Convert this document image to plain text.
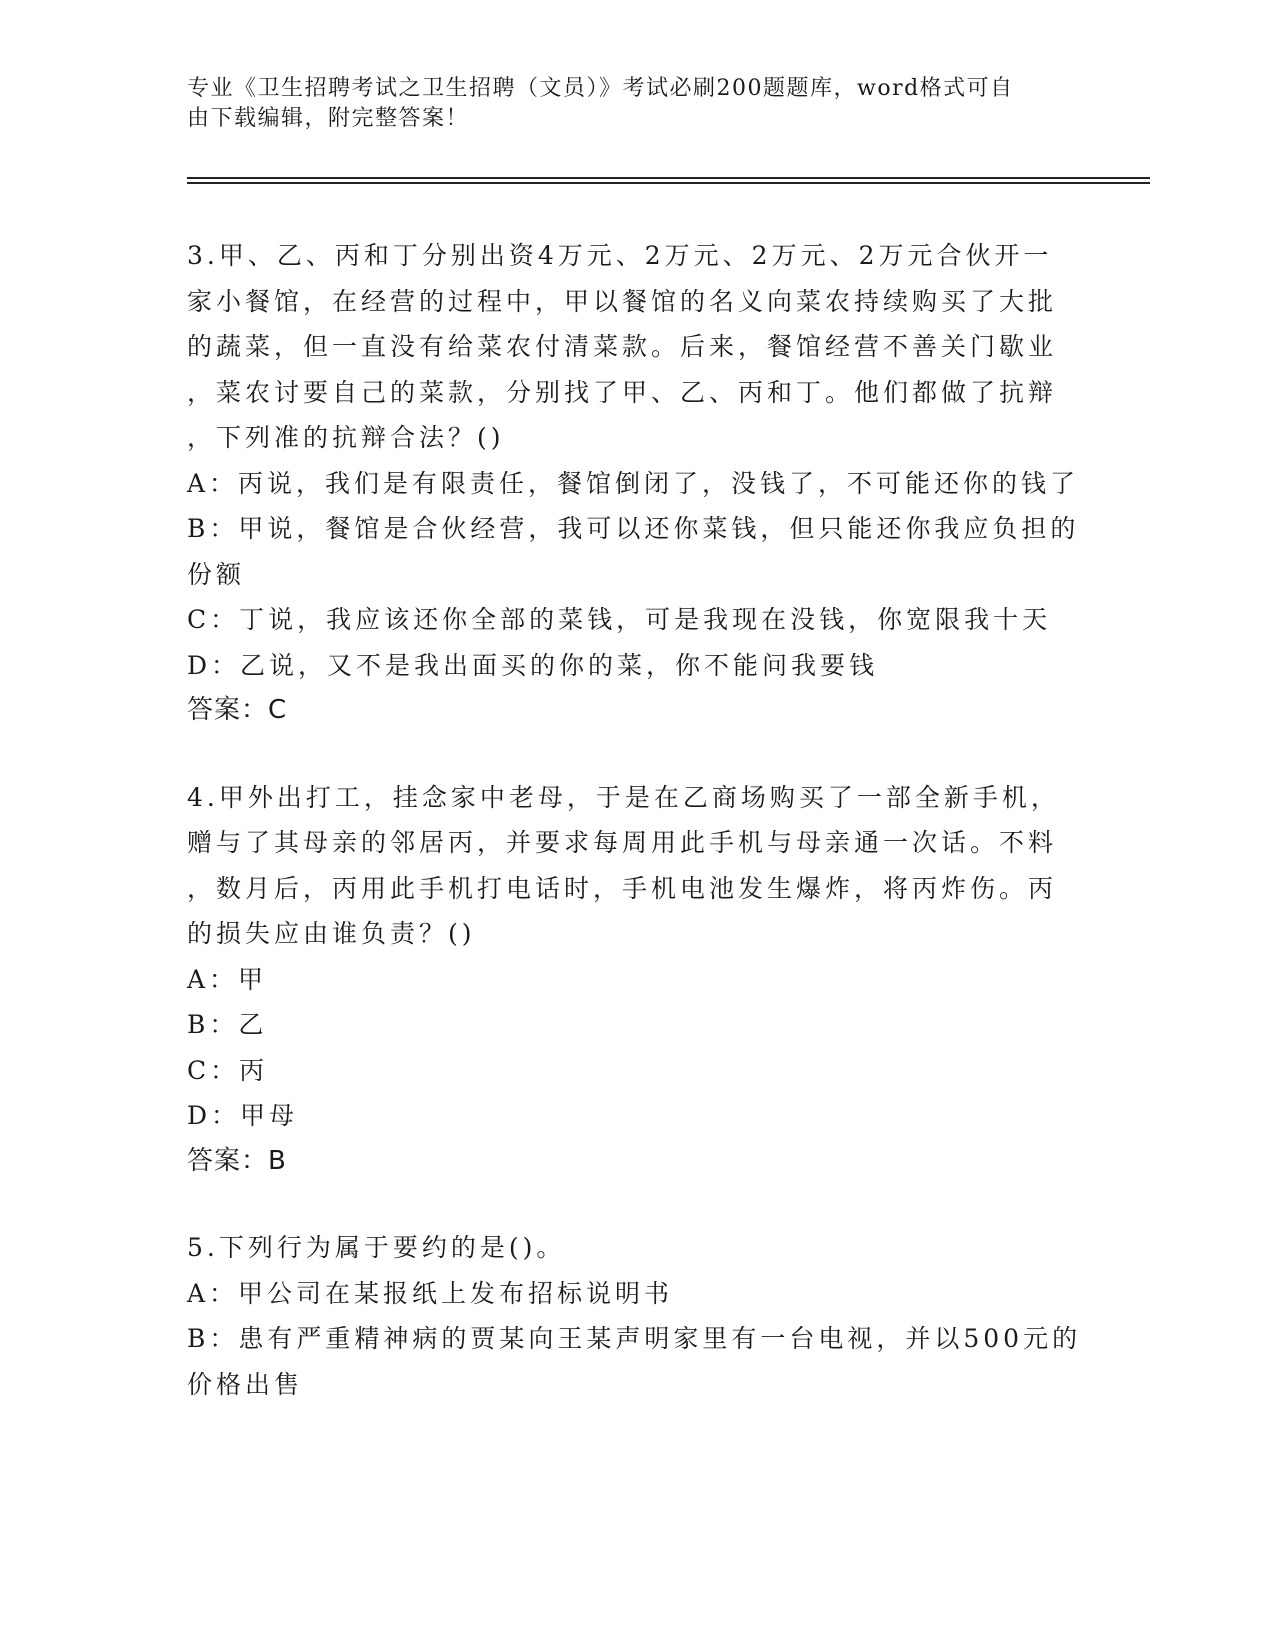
专业《卫生招聘考试之卫生招聘（文员）》考试必刷200题题库，word格式可自
由下载编辑，附完整答案！
3.甲、乙、丙和丁分别出资4万元、2万元、2万元、2万元合伙开一
家小餐馆，在经营的过程中，甲以餐馆的名义向菜农持续购买了大批
的蔬菜，但一直没有给菜农付清菜款。后来，餐馆经营不善关门歇业
，菜农讨要自己的菜款，分别找了甲、乙、丙和丁。他们都做了抗辩
，下列准的抗辩合法？()
A：丙说，我们是有限责任，餐馆倒闭了，没钱了，不可能还你的钱了
B：甲说，餐馆是合伙经营，我可以还你菜钱，但只能还你我应负担的
份额
C：丁说，我应该还你全部的菜钱，可是我现在没钱，你宽限我十天
D：乙说，又不是我出面买的你的菜，你不能问我要钱
答案：C
4.甲外出打工，挂念家中老母，于是在乙商场购买了一部全新手机，
赠与了其母亲的邻居丙，并要求每周用此手机与母亲通一次话。不料
，数月后，丙用此手机打电话时，手机电池发生爆炸，将丙炸伤。丙
的损失应由谁负责？()
A：甲
B：乙
C：丙
D：甲母
答案：B
5.下列行为属于要约的是()。
A：甲公司在某报纸上发布招标说明书
B：患有严重精神病的贾某向王某声明家里有一台电视，并以500元的
价格出售
